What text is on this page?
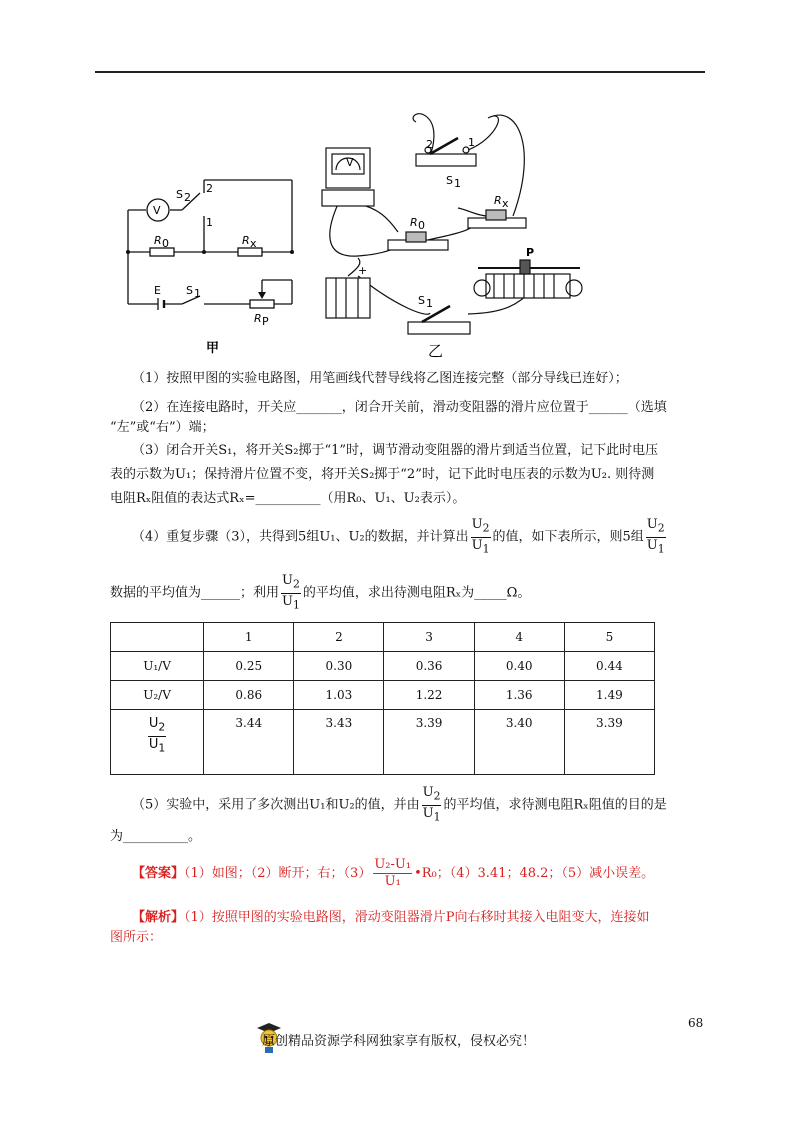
V
S 2
2
1
R 0	R x
E S 1
R P
甲
V
2	1
S 1
R x
R 0
+
P
S 1
乙
（1）按照甲图的实验电路图，用笔画线代替导线将乙图连接完整（部分导线已连好）；
（2）在连接电路时，开关应_______，闭合开关前，滑动变阻器的滑片应位置于______（选填
“左”或“右”）端；
（3）闭合开关S₁，将开关S₂掷于“1”时，调节滑动变阻器的滑片到适当位置，记下此时电压
表的示数为U₁；保持滑片位置不变，将开关S₂掷于“2”时，记下此时电压表的示数为U₂. 则待测
电阻Rₓ阻值的表达式Rₓ=__________（用R₀、U₁、U₂表示）。
（4）重复步骤（3），共得到5组U₁、U₂的数据，并计算出 $\frac{U_2}{U_1}$ 的值，如下表所示，则5组 $\frac{U_2}{U_1}$
数据的平均值为______；利用 $\frac{U_2}{U_1}$ 的平均值，求出待测电阻Rₓ为_____Ω。
	1	2	3	4	5
U₁/V	0.25	0.30	0.36	0.40	0.44
U₂/V	0.86	1.03	1.22	1.36	1.49

$\frac{U_2}{U_1}$	3.44	3.43	3.39	3.40	3.39
（5）实验中，采用了多次测出U₁和U₂的值，并由 $\frac{U_2}{U_1}$ 的平均值，求待测电阻Rₓ阻值的目的是
为__________。
【答案】（1）如图；（2）断开；右；$(3) \frac{\text{U₂-U₁}}{\text{U₁}}$ •R₀；（4）3.41；48.2；（5）减小误差。
【解析】（1）按照甲图的实验电路图，滑动变阻器滑片P向右移时其接入电阻变大，连接如
图所示：
68
原创精品资源学科网独家享有版权，侵权必究！
